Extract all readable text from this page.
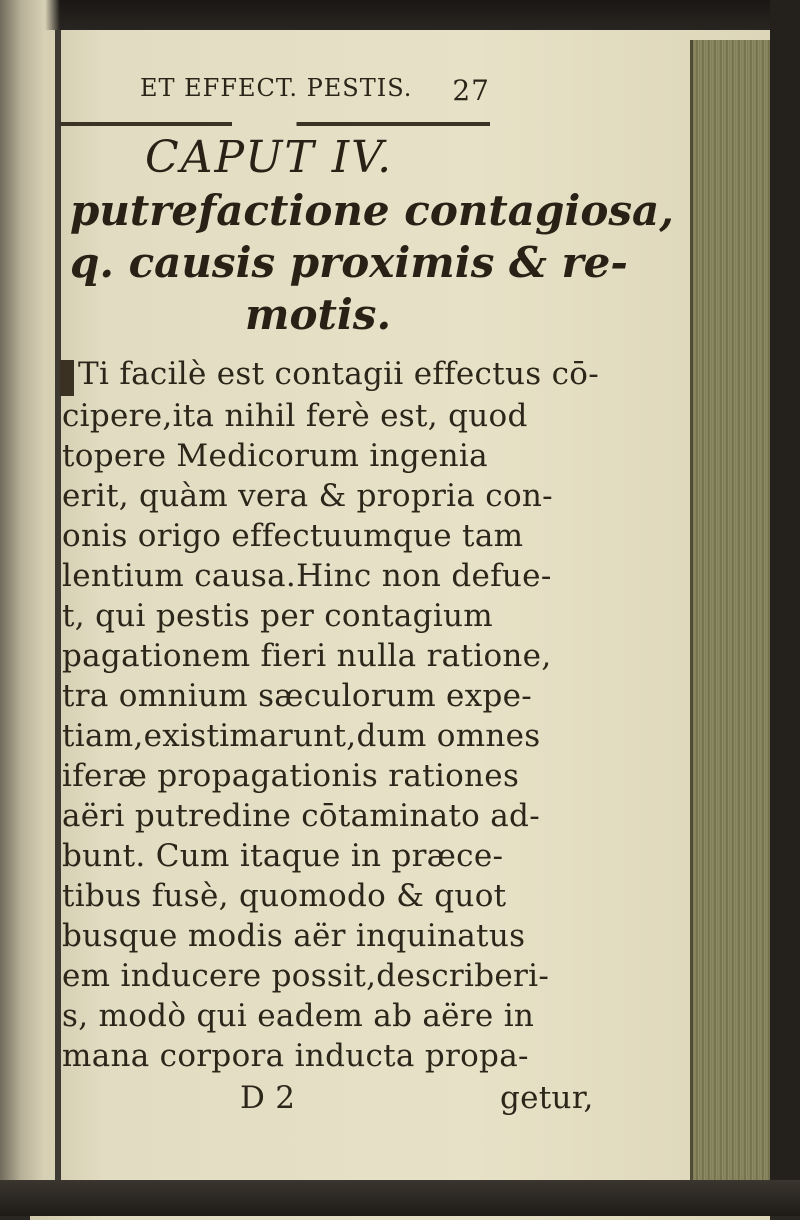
ET EFFECT. PESTIS. 27
CAPUT IV.
putrefactione contagiosa,
q. causis proximis & re-
motis.
Ti facilè est contagii effectus cō-
cipere,ita nihil ferè est, quod
topere Medicorum ingenia
erit, quàm vera & propria con-
onis origo effectuumque tam
lentium causa.Hinc non defue-
t, qui pestis per contagium
pagationem fieri nulla ratione,
tra omnium sæculorum expe-
tiam,existimarunt,dum omnes
iferæ propagationis rationes
aëri putredine cōtaminato ad-
bunt. Cum itaque in præce-
tibus fusè, quomodo & quot
busque modis aër inquinatus
em inducere possit,describeri-
s, modò qui eadem ab aëre in
mana corpora inducta propa-
D 2	getur,
